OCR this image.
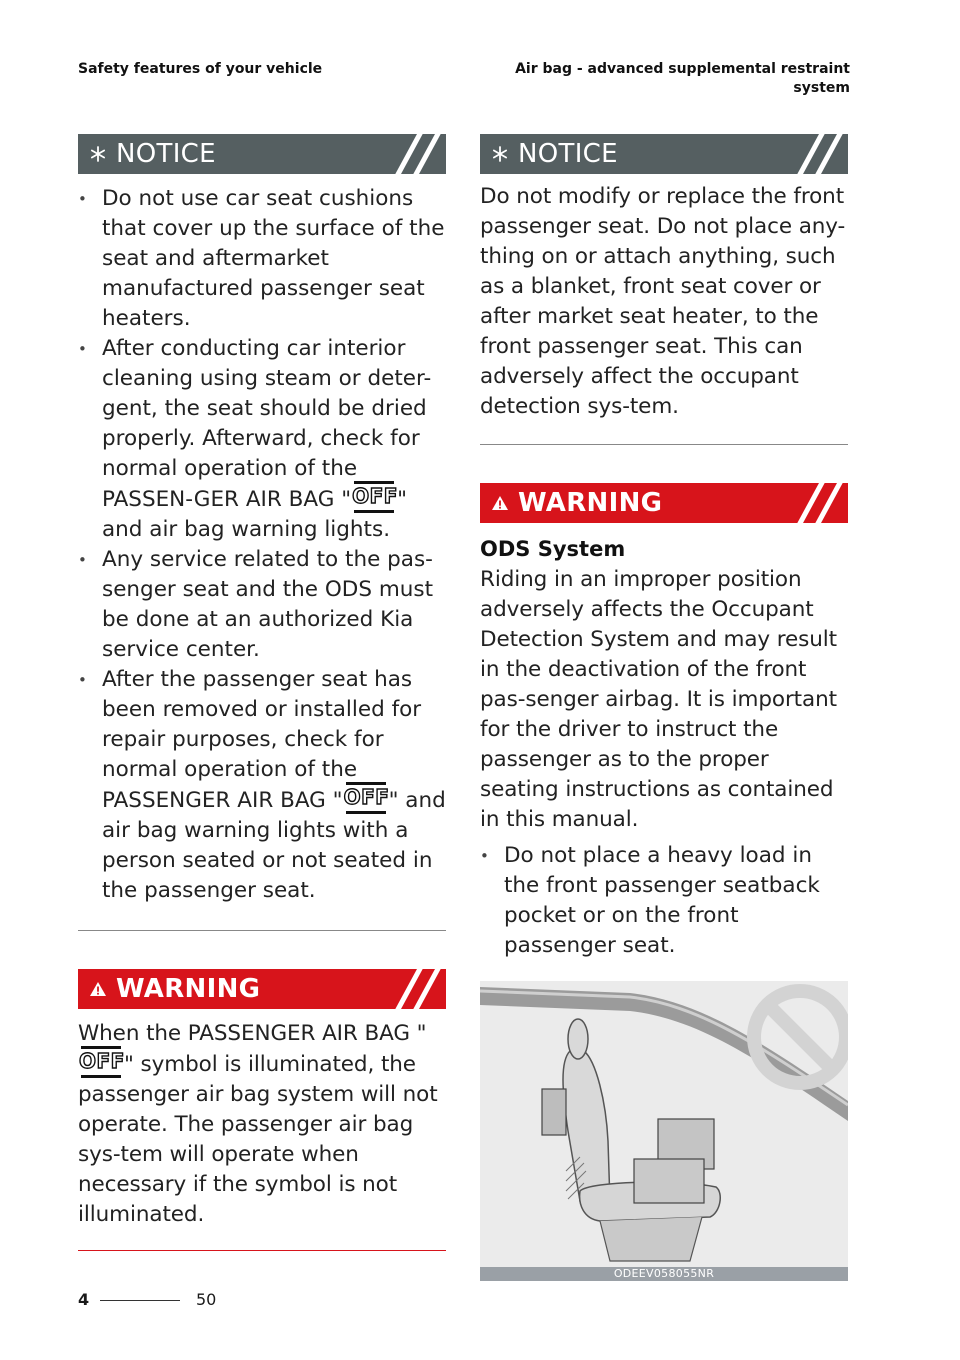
Safety features of your vehicle	Air bag - advanced supplemental restraint system
NOTICE
• Do not use car seat cushions that cover up the surface of the seat and aftermarket manufactured passenger seat heaters.
• After conducting car interior cleaning using steam or deter-gent, the seat should be dried properly. Afterward, check for normal operation of the PASSEN-GER AIR BAG " OFF " and air bag warning lights.
• Any service related to the pas-senger seat and the ODS must be done at an authorized Kia service center.
• After the passenger seat has been removed or installed for repair purposes, check for normal operation of the PASSENGER AIR BAG " OFF " and air bag warning lights with a person seated or not seated in the passenger seat.
WARNING

When the PASSENGER AIR BAG "
OFF " symbol is illuminated, the passenger air bag system will not operate. The passenger air bag sys-tem will operate when necessary if the symbol is not illuminated.

NOTICE

Do not modify or replace the front passenger seat. Do not place any-thing on or attach anything, such as a blanket, front seat cover or after market seat heater, to the front passenger seat. This can adversely affect the occupant detection sys-tem.

WARNING
ODS System

Riding in an improper position adversely affects the Occupant Detection System and may result in the deactivation of the front pas-senger airbag. It is important for the driver to instruct the passenger as to the proper seating instructions as contained in this manual.

• Do not place a heavy load in the front passenger seatback pocket or on the front passenger seat.
ODEEV058055NR
4	50
